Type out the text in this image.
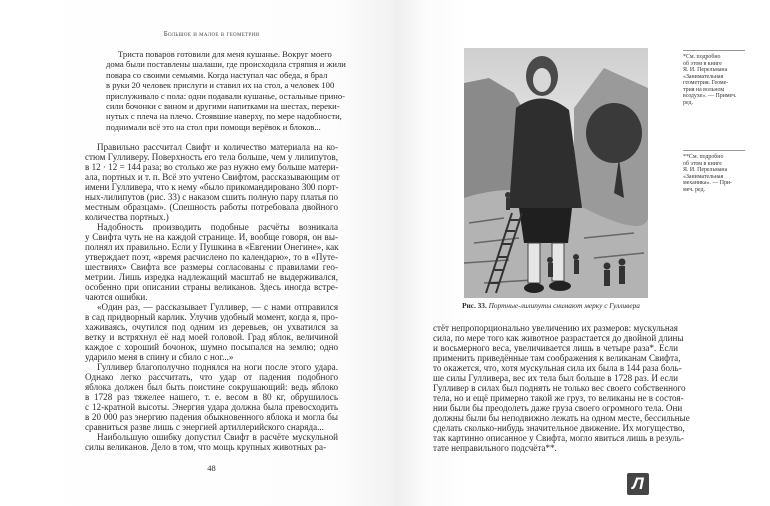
Большое и малое в геометрии
Триста поваров готовили для меня кушанье. Вокруг моего
дома были поставлены шалаши, где происходила стряпня и жили
повара со своими семьями. Когда наступал час обеда, я брал
в руки 20 человек прислуги и ставил их на стол, а человек 100
прислуживало с пола: одни подавали кушанье, остальные прино-
сили бочонки с вином и другими напитками на шестах, переки-
нутых с плеча на плечо. Стоявшие наверху, по мере надобности,
поднимали всё это на стол при помощи верёвок и блоков...
Правильно рассчитал Свифт и количество материала на ко-
стюм Гулливеру. Поверхность его тела больше, чем у лилипутов,
в 12 · 12 = 144 раза; во столько же раз нужно ему больше матери-
ала, портных и т. п. Всё это учтено Свифтом, рассказывающим от
имени Гулливера, что к нему «было прикомандировано 300 порт-
ных-лилипутов (рис. 33) с наказом сшить полную пару платья по
местным образцам». (Спешность работы потребовала двойного
количества портных.)
Надобность производить подобные расчёты возникала
у Свифта чуть не на каждой странице. И, вообще говоря, он вы-
полнял их правильно. Если у Пушкина в «Евгении Онегине», как
утверждает поэт, «время расчислено по календарю», то в «Путе-
шествиях» Свифта все размеры согласованы с правилами гео-
метрии. Лишь изредка надлежащий масштаб не выдерживался,
особенно при описании страны великанов. Здесь иногда встре-
чаются ошибки.
«Один раз, — рассказывает Гулливер, — с нами отправился
в сад придворный карлик. Улучив удобный момент, когда я, про-
хаживаясь, очутился под одним из деревьев, он ухватился за
ветку и встряхнул её над моей головой. Град яблок, величиной
каждое с хороший бочонок, шумно посыпался на землю; одно
ударило меня в спину и сбило с ног...»
Гулливер благополучно поднялся на ноги после этого удара.
Однако легко рассчитать, что удар от падения подобного
яблока должен был быть поистине сокрушающий: ведь яблоко
в 1728 раз тяжелее нашего, т. е. весом в 80 кг, обрушилось
с 12-кратной высоты. Энергия удара должна была превосходить
в 20 000 раз энергию падения обыкновенного яблока и могла бы
сравниться разве лишь с энергией артиллерийского снаряда...
Наибольшую ошибку допустил Свифт в расчёте мускульной
силы великанов. Дело в том, что мощь крупных животных ра-
48
Рис. 33. Портные-лилипуты снимают мерку с Гулливера
*См. подробно
об этом в книге
Я. И. Перельмана
«Занимательная
геометрия. Геоме-
трия на вольном
воздухе». — Примеч.
ред.
**См. подробно
об этом в книге
Я. И. Перельмана
«Занимательная
механика». — При-
меч. ред.
стёт непропорционально увеличению их размеров: мускульная
сила, по мере того как животное разрастается до двойной длины
и восьмерного веса, увеличивается лишь в четыре раза*. Если
применить приведённые там соображения к великанам Свифта,
то окажется, что, хотя мускульная сила их была в 144 раза боль-
ше силы Гулливера, вес их тела был больше в 1728 раз. И если
Гулливер в силах был поднять не только вес своего собственного
тела, но и ещё примерно такой же груз, то великаны не в состоя-
нии были бы преодолеть даже груза своего огромного тела. Они
должны были бы неподвижно лежать на одном месте, бессильные
сделать сколько-нибудь значительное движение. Их могущество,
так картинно описанное у Свифта, могло явиться лишь в резуль-
тате неправильного подсчёта**.
Л
